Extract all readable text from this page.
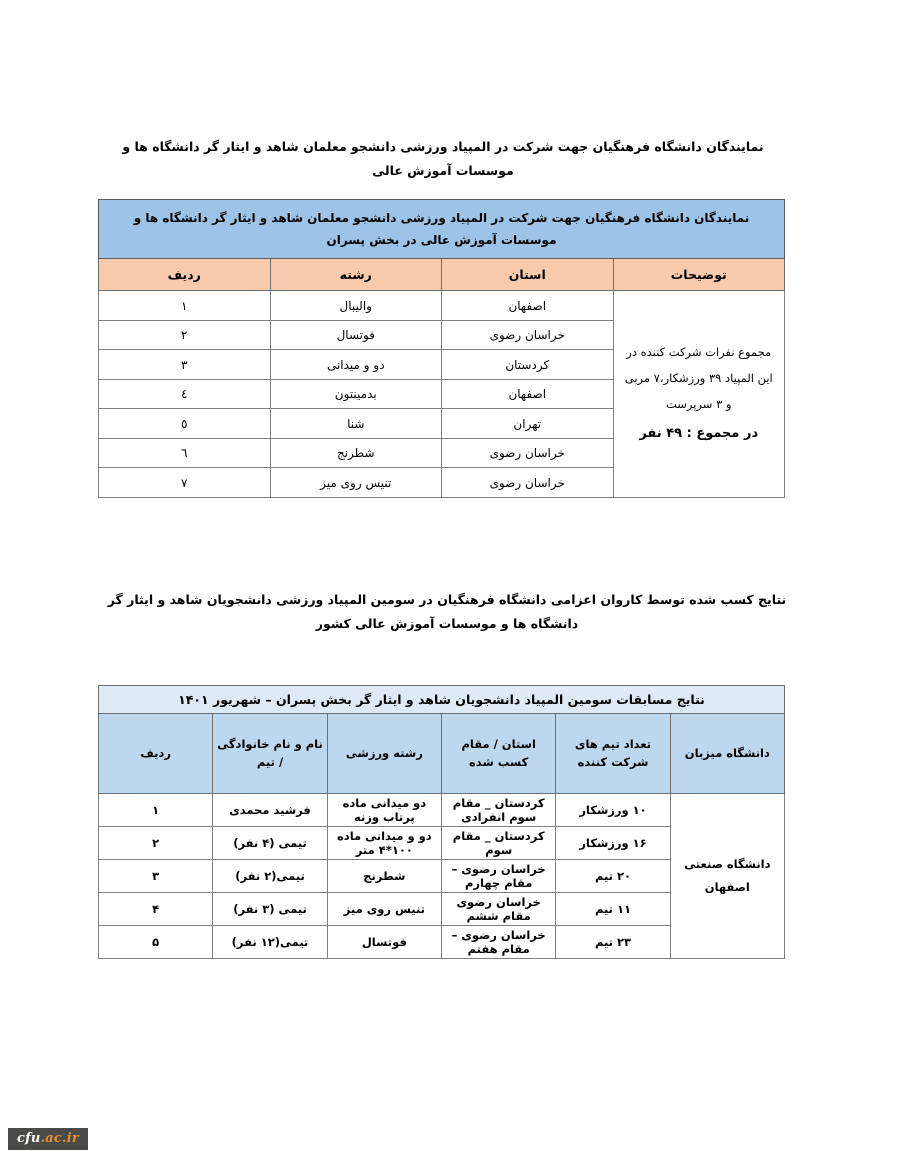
نمایندگان دانشگاه فرهنگیان جهت شرکت در المپیاد ورزشی دانشجو معلمان شاهد و ایثار گر دانشگاه ها و موسسات آموزش عالی
نمایندگان دانشگاه فرهنگیان جهت شرکت در المپیاد ورزشی دانشجو معلمان شاهد و ایثار گر دانشگاه ها و موسسات آموزش عالی در بخش پسران			
توضیحات	استان	رشته	ردیف
مجموع نفرات شرکت کننده در این المپیاد ۳۹ ورزشکار،۷ مربی و ۳ سرپرست
در مجموع : ۴۹ نفر	اصفهان	والیبال	١
	خراسان رضوی	فوتسال	٢
	کردستان	دو و میدانی	٣
	اصفهان	بدمینتون	٤
	تهران	شنا	٥
	خراسان رضوی	شطرنج	٦
	خراسان رضوی	تنیس روی میز	٧
نتایج کسب شده توسط کاروان اعزامی دانشگاه فرهنگیان در سومین المپیاد ورزشی دانشجویان شاهد و ایثار گر دانشگاه ها و موسسات آموزش عالی کشور
نتایج مسابقات سومین المپیاد دانشجویان شاهد و ایثار گر بخش پسران – شهریور ۱۴۰۱					
دانشگاه میزبان	تعداد تیم های شرکت کننده	استان / مقام کسب شده	رشته ورزشی	نام و نام خانوادگی / تیم	ردیف
دانشگاه صنعتی اصفهان	۱۰ ورزشکار	کردستان _ مقام سوم انفرادی	دو میدانی ماده پرتاب وزنه	فرشید محمدی	۱
	۱۶ ورزشکار	کردستان _ مقام سوم	دو و میدانی ماده ۱۰۰*۴ متر	تیمی (۴ نفر)	۲
	۲۰ تیم	خراسان رضوی – مقام چهارم	شطرنج	تیمی(۲ نفر)	۳
	۱۱ تیم	خراسان رضوی مقام ششم	تنیس روی میز	تیمی (۳ نفر)	۴
	۲۳ تیم	خراسان رضوی – مقام هفتم	فوتسال	تیمی(۱۲ نفر)	۵
cfu.ac.ir
